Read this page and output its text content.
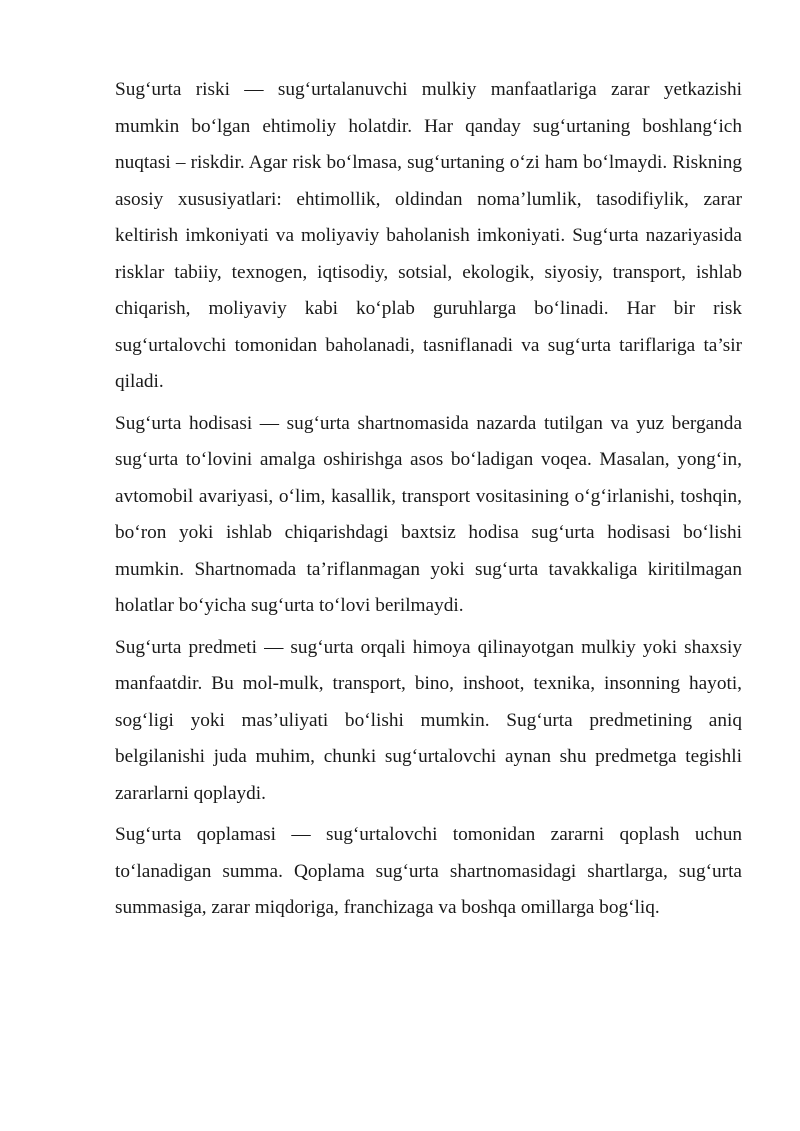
Sug‘urta riski — sug‘urtalanuvchi mulkiy manfaatlariga zarar yetkazishi mumkin bo‘lgan ehtimoliy holatdir. Har qanday sug‘urtaning boshlang‘ich nuqtasi – riskdir. Agar risk bo‘lmasa, sug‘urtaning o‘zi ham bo‘lmaydi. Riskning asosiy xususiyatlari: ehtimollik, oldindan noma’lumlik, tasodifiylik, zarar keltirish imkoniyati va moliyaviy baholanish imkoniyati. Sug‘urta nazariyasida risklar tabiiy, texnogen, iqtisodiy, sotsial, ekologik, siyosiy, transport, ishlab chiqarish, moliyaviy kabi ko‘plab guruhlarga bo‘linadi. Har bir risk sug‘urtalovchi tomonidan baholanadi, tasniflanadi va sug‘urta tariflariga ta’sir qiladi.

Sug‘urta hodisasi — sug‘urta shartnomasida nazarda tutilgan va yuz berganda sug‘urta to‘lovini amalga oshirishga asos bo‘ladigan voqea. Masalan, yong‘in, avtomobil avariyasi, o‘lim, kasallik, transport vositasining o‘g‘irlanishi, toshqin, bo‘ron yoki ishlab chiqarishdagi baxtsiz hodisa sug‘urta hodisasi bo‘lishi mumkin. Shartnomada ta’riflanmagan yoki sug‘urta tavakkaliga kiritilmagan holatlar bo‘yicha sug‘urta to‘lovi berilmaydi.

Sug‘urta predmeti — sug‘urta orqali himoya qilinayotgan mulkiy yoki shaxsiy manfaatdir. Bu mol-mulk, transport, bino, inshoot, texnika, insonning hayoti, sog‘ligi yoki mas’uliyati bo‘lishi mumkin. Sug‘urta predmetining aniq belgilanishi juda muhim, chunki sug‘urtalovchi aynan shu predmetga tegishli zararlarni qoplaydi.

Sug‘urta qoplamasi — sug‘urtalovchi tomonidan zararni qoplash uchun to‘lanadigan summa. Qoplama sug‘urta shartnomasidagi shartlarga, sug‘urta summasiga, zarar miqdoriga, franchizaga va boshqa omillarga bog‘liq.
